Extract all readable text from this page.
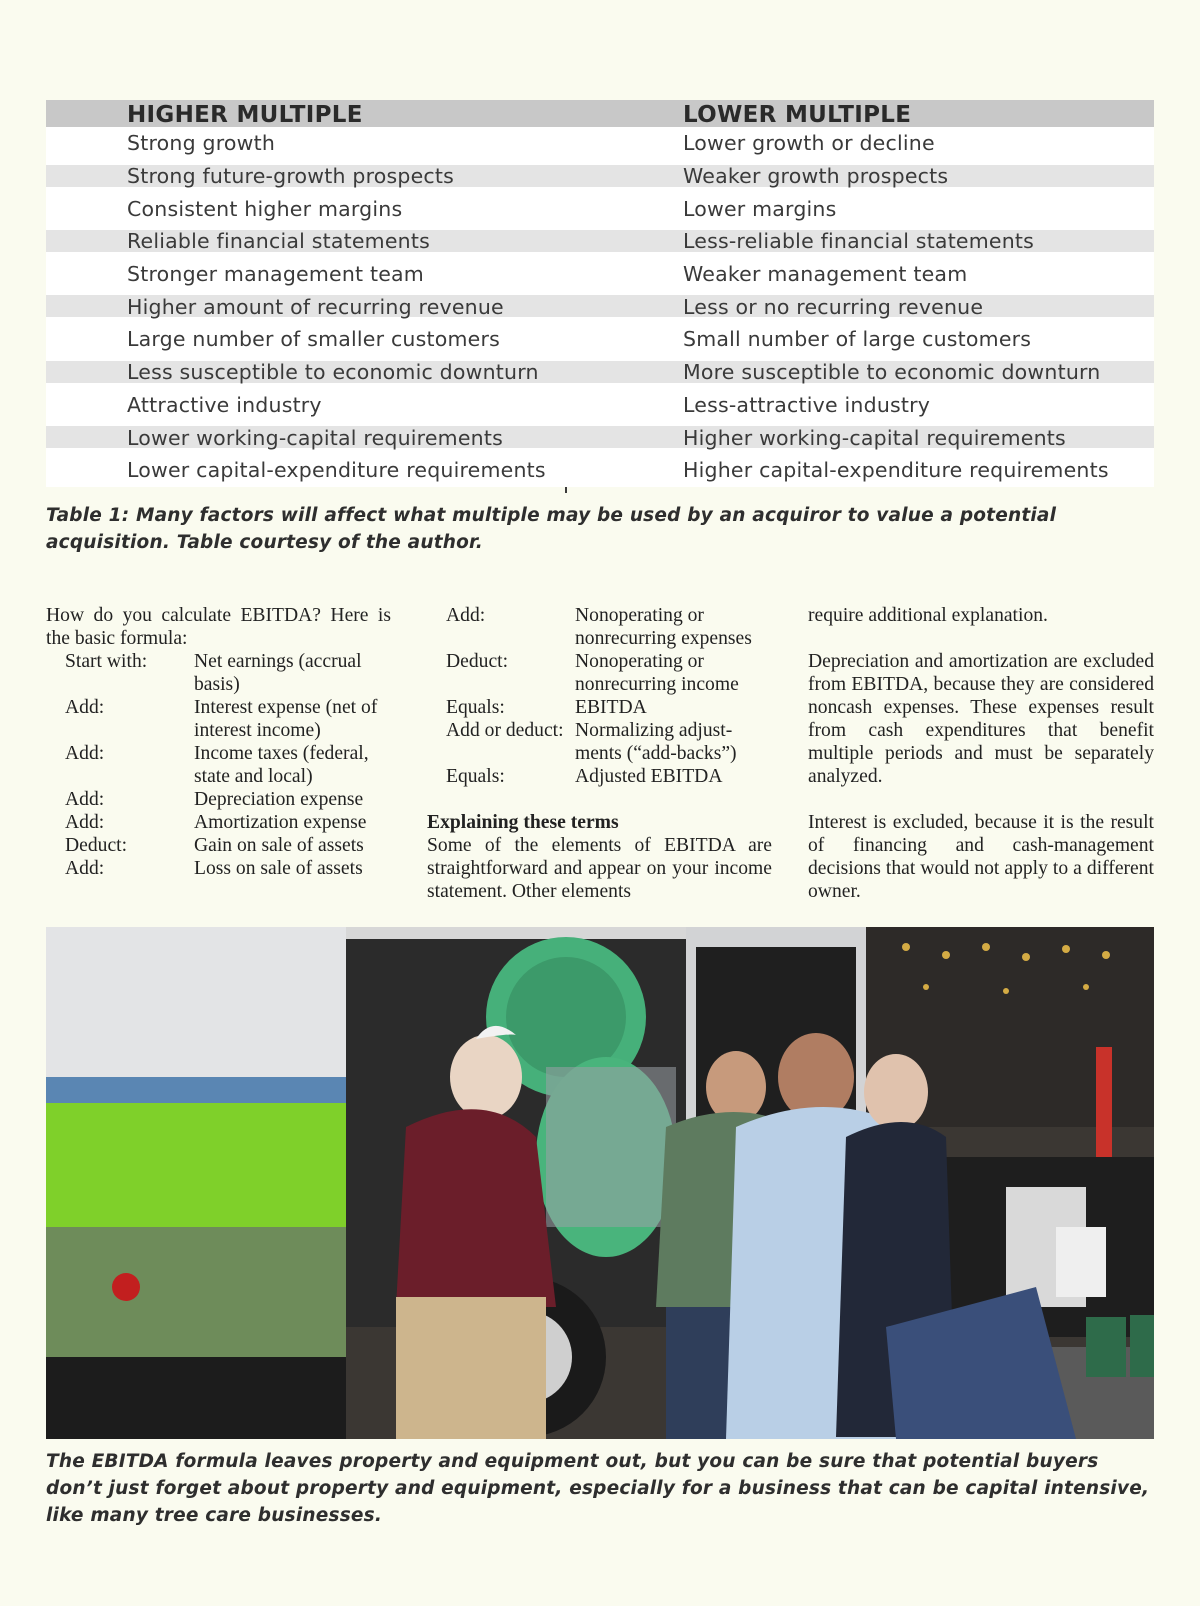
HIGHER MULTIPLE	LOWER MULTIPLE
Strong growth	Lower growth or decline
Strong future-growth prospects	Weaker growth prospects
Consistent higher margins	Lower margins
Reliable financial statements	Less-reliable financial statements
Stronger management team	Weaker management team
Higher amount of recurring revenue	Less or no recurring revenue
Large number of smaller customers	Small number of large customers
Less susceptible to economic downturn	More susceptible to economic downturn
Attractive industry	Less-attractive industry
Lower working-capital requirements	Higher working-capital requirements
Lower capital-expenditure requirements	Higher capital-expenditure requirements
Table 1: Many factors will affect what multiple may be used by an acquiror to value a potential acquisition. Table courtesy of the author.
How do you calculate EBITDA? Here is the basic formula:
Start with:	Net earnings (accrual basis)
Add:	Interest expense (net of interest income)
Add:	Income taxes (federal, state and local)
Add:	Depreciation expense
Add:	Amortization expense
Deduct:	Gain on sale of assets
Add:	Loss on sale of assets
Add:	Nonoperating or nonrecurring expenses
Deduct:	Nonoperating or nonrecurring income
Equals:	EBITDA
Add or deduct: Normalizing adjust-ments (“add-backs”)
Equals:	Adjusted EBITDA
Explaining these terms
Some of the elements of EBITDA are straightforward and appear on your income statement. Other elements
require additional explanation.
Depreciation and amortization are excluded from EBITDA, because they are considered noncash expenses. These expenses result from cash expenditures that benefit multiple periods and must be separately analyzed.
Interest is excluded, because it is the result of financing and cash-management decisions that would not apply to a different owner.
The EBITDA formula leaves property and equipment out, but you can be sure that potential buyers don’t just forget about property and equipment, especially for a business that can be capital intensive, like many tree care businesses.
